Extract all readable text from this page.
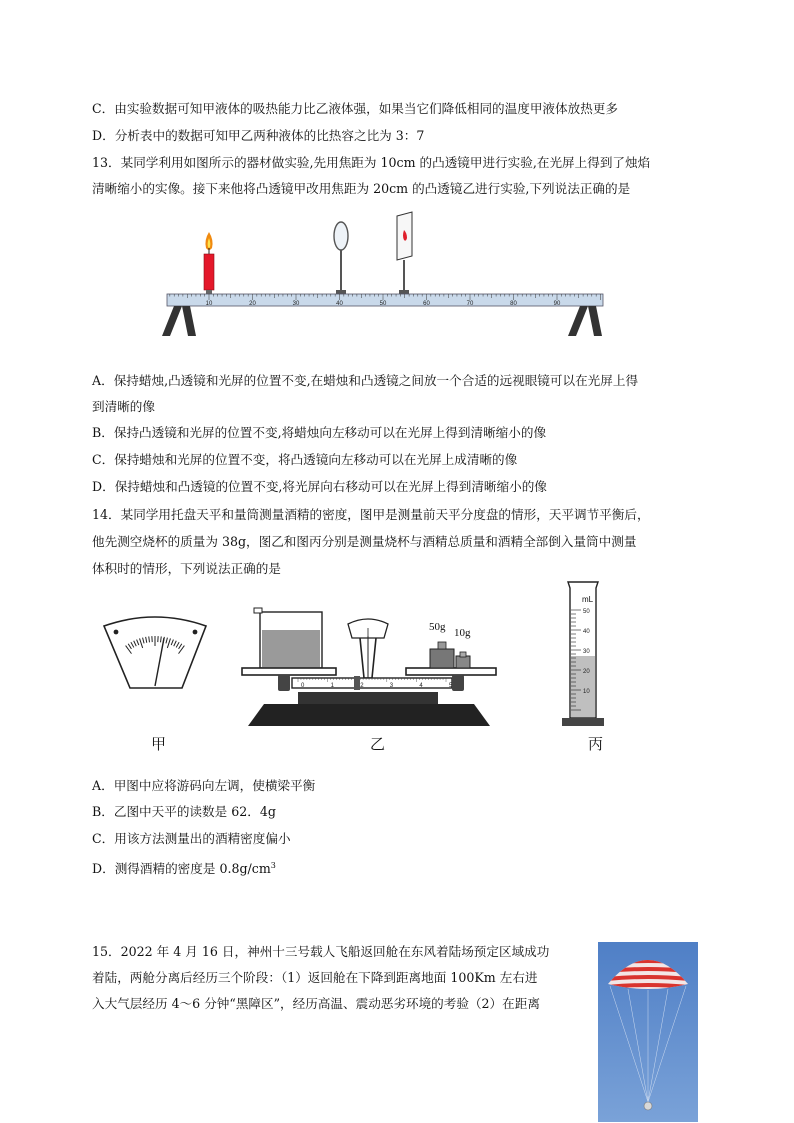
C．由实验数据可知甲液体的吸热能力比乙液体强，如果当它们降低相同的温度甲液体放热更多
D．分析表中的数据可知甲乙两种液体的比热容之比为 3：7
13．某同学利用如图所示的器材做实验,先用焦距为 10cm 的凸透镜甲进行实验,在光屏上得到了烛焰
清晰缩小的实像。接下来他将凸透镜甲改用焦距为 20cm 的凸透镜乙进行实验,下列说法正确的是
10	20	30	40	50	60	70	80	90
A．保持蜡烛,凸透镜和光屏的位置不变,在蜡烛和凸透镜之间放一个合适的远视眼镜可以在光屏上得
到清晰的像
B．保持凸透镜和光屏的位置不变,将蜡烛向左移动可以在光屏上得到清晰缩小的像
C．保持蜡烛和光屏的位置不变，将凸透镜向左移动可以在光屏上成清晰的像
D．保持蜡烛和凸透镜的位置不变,将光屏向右移动可以在光屏上得到清晰缩小的像
14．某同学用托盘天平和量筒测量酒精的密度，图甲是测量前天平分度盘的情形，天平调节平衡后，
他先测空烧杯的质量为 38g，图乙和图丙分别是测量烧杯与酒精总质量和酒精全部倒入量筒中测量
体积时的情形，下列说法正确的是
甲
50g 10g
0	1	2	3	4	5
乙
50
40
30
20
10
mL
丙
A．甲图中应将游码向左调，使横梁平衡
B．乙图中天平的读数是 62．4g
C．用该方法测量出的酒精密度偏小
D．测得酒精的密度是 $0.8g/cm^3$
15．2022 年 4 月 16 日，神州十三号载人飞船返回舱在东风着陆场预定区域成功
着陆，两舱分离后经历三个阶段：（1）返回舱在下降到距离地面 100Km 左右进
入大气层经历 4～6 分钟“黑障区”，经历高温、震动恶劣环境的考验（2）在距离
